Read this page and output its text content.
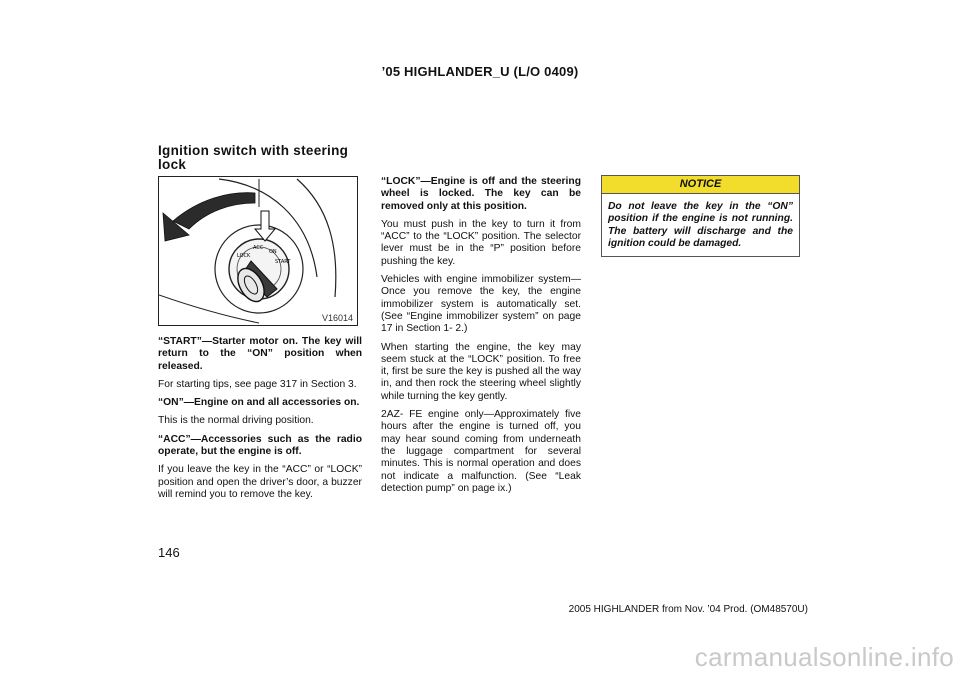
’05 HIGHLANDER_U (L/O 0409)
Ignition switch with steering lock
LOCK
ACC
ON
START
V16014

“START”—Starter motor on. The key will return to the “ON” position when released.

For starting tips, see page 317 in Section 3.

“ON”—Engine on and all accessories on.

This is the normal driving position.

“ACC”—Accessories such as the radio operate, but the engine is off.

If you leave the key in the “ACC” or “LOCK” position and open the driver’s door, a buzzer will remind you to remove the key.

“LOCK”—Engine is off and the steering wheel is locked. The key can be removed only at this position.

You must push in the key to turn it from “ACC” to the “LOCK” position. The selector lever must be in the “P” position before pushing the key.

Vehicles with engine immobilizer system—Once you remove the key, the engine immobilizer system is automatically set. (See “Engine immobilizer system” on page 17 in Section 1- 2.)

When starting the engine, the key may seem stuck at the “LOCK” position. To free it, first be sure the key is pushed all the way in, and then rock the steering wheel slightly while turning the key gently.

2AZ- FE engine only—Approximately five hours after the engine is turned off, you may hear sound coming from underneath the luggage compartment for several minutes. This is normal operation and does not indicate a malfunction. (See “Leak detection pump” on page ix.)

NOTICE
Do not leave the key in the “ON” position if the engine is not running. The battery will discharge and the ignition could be damaged.
146
2005 HIGHLANDER from Nov. ’04 Prod. (OM48570U)
carmanualsonline.info
